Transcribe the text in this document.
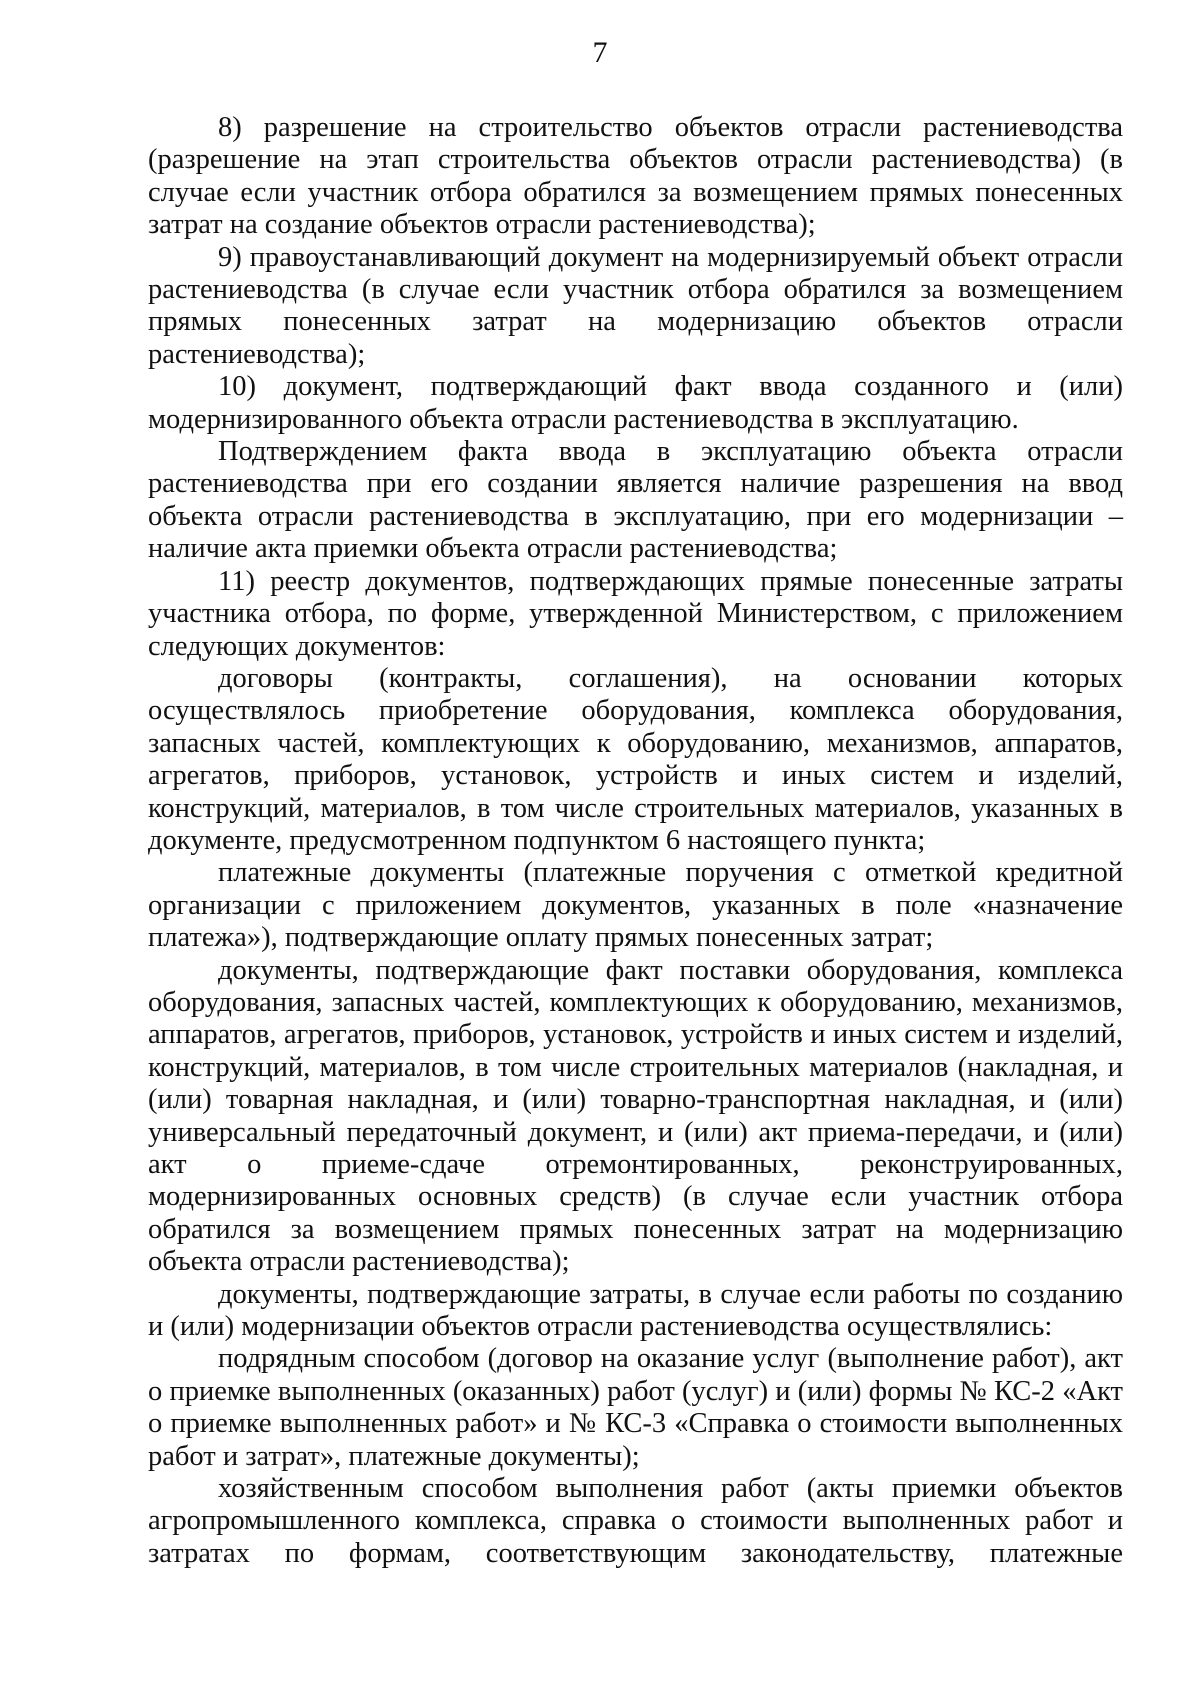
7

8) разрешение на строительство объектов отрасли растениеводства (разрешение на этап строительства объектов отрасли растениеводства) (в случае если участник отбора обратился за возмещением прямых понесенных затрат на создание объектов отрасли растениеводства);

9) правоустанавливающий документ на модернизируемый объект отрасли растениеводства (в случае если участник отбора обратился за возмещением прямых понесенных затрат на модернизацию объектов отрасли растениеводства);

10) документ, подтверждающий факт ввода созданного и (или) модернизированного объекта отрасли растениеводства в эксплуатацию.

Подтверждением факта ввода в эксплуатацию объекта отрасли растениеводства при его создании является наличие разрешения на ввод объекта отрасли растениеводства в эксплуатацию, при его модернизации – наличие акта приемки объекта отрасли растениеводства;

11) реестр документов, подтверждающих прямые понесенные затраты участника отбора, по форме, утвержденной Министерством, с приложением следующих документов:

договоры (контракты, соглашения), на основании которых осуществлялось приобретение оборудования, комплекса оборудования, запасных частей, комплектующих к оборудованию, механизмов, аппаратов, агрегатов, приборов, установок, устройств и иных систем и изделий, конструкций, материалов, в том числе строительных материалов, указанных в документе, предусмотренном подпунктом 6 настоящего пункта;

платежные документы (платежные поручения с отметкой кредитной организации с приложением документов, указанных в поле «назначение платежа»), подтверждающие оплату прямых понесенных затрат;

документы, подтверждающие факт поставки оборудования, комплекса оборудования, запасных частей, комплектующих к оборудованию, механизмов, аппаратов, агрегатов, приборов, установок, устройств и иных систем и изделий, конструкций, материалов, в том числе строительных материалов (накладная, и (или) товарная накладная, и (или) товарно-транспортная накладная, и (или) универсальный передаточный документ, и (или) акт приема-передачи, и (или) акт о приеме-сдаче отремонтированных, реконструированных, модернизированных основных средств) (в случае если участник отбора обратился за возмещением прямых понесенных затрат на модернизацию объекта отрасли растениеводства);

документы, подтверждающие затраты, в случае если работы по созданию и (или) модернизации объектов отрасли растениеводства осуществлялись:

подрядным способом (договор на оказание услуг (выполнение работ), акт о приемке выполненных (оказанных) работ (услуг) и (или) формы № КС-2 «Акт о приемке выполненных работ» и № КС-3 «Справка о стоимости выполненных работ и затрат», платежные документы);

хозяйственным способом выполнения работ (акты приемки объектов агропромышленного комплекса, справка о стоимости выполненных работ и затратах по формам, соответствующим законодательству, платежные
